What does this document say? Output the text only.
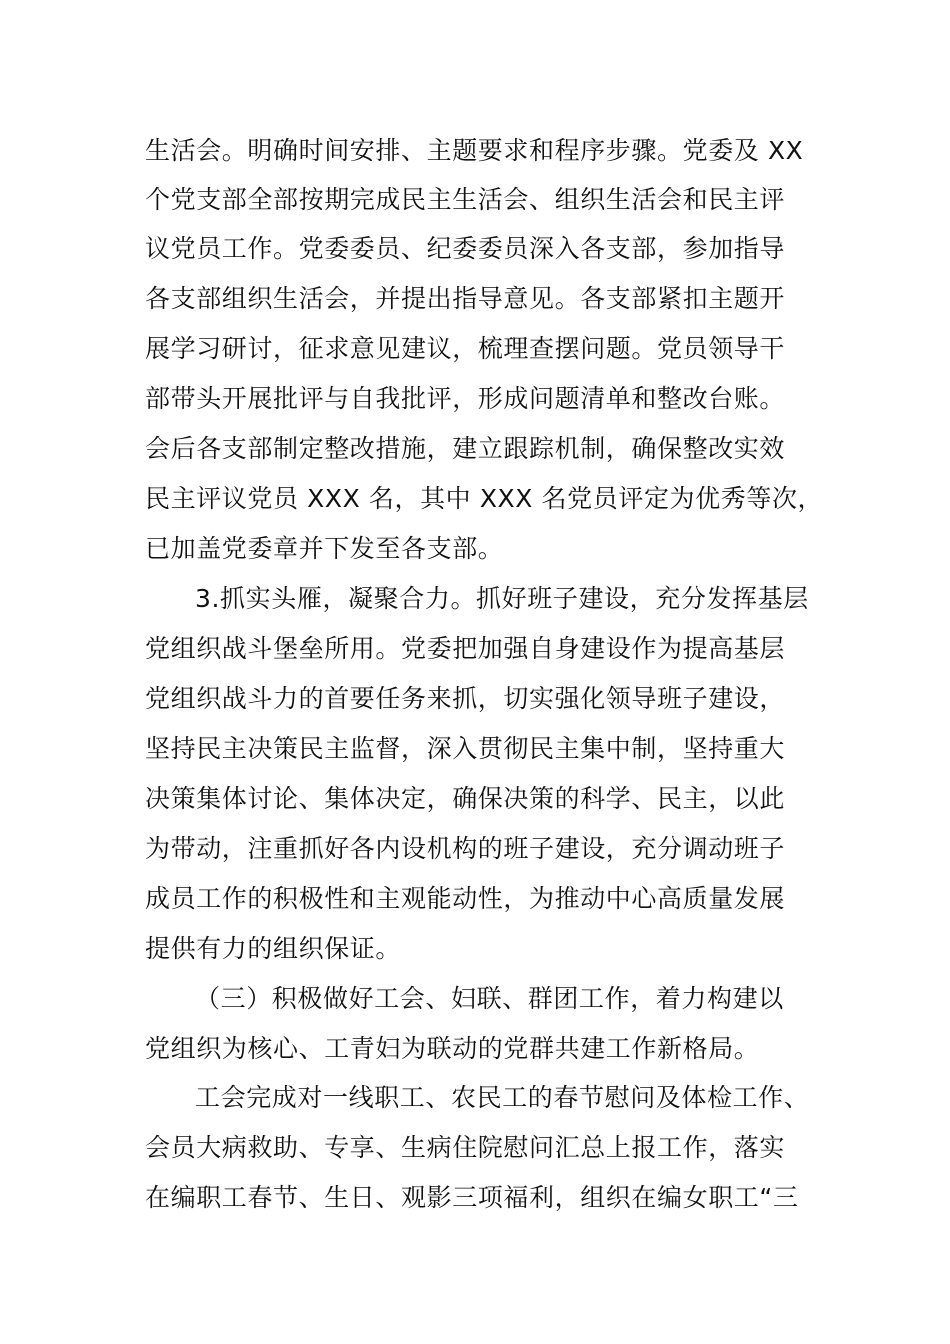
生活会。明确时间安排、主题要求和程序步骤。党委及 XX
个党支部全部按期完成民主生活会、组织生活会和民主评
议党员工作。党委委员、纪委委员深入各支部，参加指导
各支部组织生活会，并提出指导意见。各支部紧扣主题开
展学习研讨，征求意见建议，梳理查摆问题。党员领导干
部带头开展批评与自我批评，形成问题清单和整改台账。
会后各支部制定整改措施，建立跟踪机制，确保整改实效
民主评议党员 XXX 名，其中 XXX 名党员评定为优秀等次，
已加盖党委章并下发至各支部。
3.抓实头雁，凝聚合力。抓好班子建设，充分发挥基层
党组织战斗堡垒所用。党委把加强自身建设作为提高基层
党组织战斗力的首要任务来抓，切实强化领导班子建设，
坚持民主决策民主监督，深入贯彻民主集中制，坚持重大
决策集体讨论、集体决定，确保决策的科学、民主，以此
为带动，注重抓好各内设机构的班子建设，充分调动班子
成员工作的积极性和主观能动性，为推动中心高质量发展
提供有力的组织保证。
（三）积极做好工会、妇联、群团工作，着力构建以
党组织为核心、工青妇为联动的党群共建工作新格局。
工会完成对一线职工、农民工的春节慰问及体检工作、
会员大病救助、专享、生病住院慰问汇总上报工作，落实
在编职工春节、生日、观影三项福利，组织在编女职工“三
